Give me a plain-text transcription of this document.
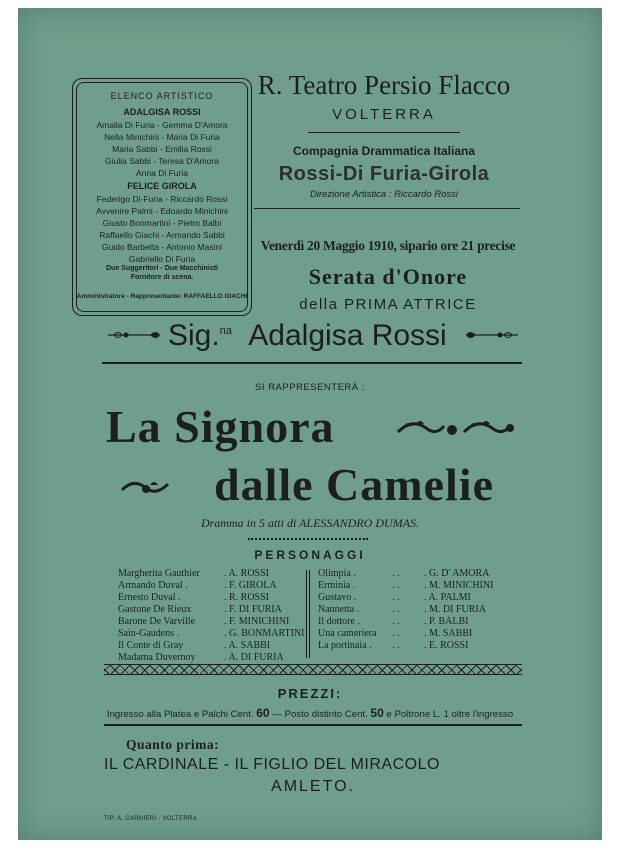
ELENCO ARTISTICO
ADALGISA ROSSI
Amalia Di Furia - Gemma D'Amora
Nella Minichini - Maria Di Furia
Maria Sabbi - Emilia Rossi
Giulia Sabbi - Teresa D'Amora
Anna Di Furia
FELICE GIROLA
Federigo Di-Furia - Riccardo Rossi
Avvenire Palmi - Edoardo Minichini
Giusto Bonmartini - Pietro Balbi
Raffaello Giachi - Armando Sabbi
Guido Barbetta - Antonio Masini
Gabriello Di Furia
Due Suggeritori - Due Macchinisti
Fornitore di scena.
Amministratore - Rappresentante: RAFFAELLO GIACHI
R. Teatro Persio Flacco
VOLTERRA
Compagnia Drammatica Italiana
Rossi-Di Furia-Girola
Direzione Artistica : Riccardo Rossi
Venerdì 20 Maggio 1910, sipario ore 21 precise
Serata d'Onore
della PRIMA ATTRICE
Sig.$^{na}$ Adalgisa Rossi
SI RAPPRESENTERÀ :
La Signora
dalle Camelie
Dramma in 5 atti di ALESSANDRO DUMAS.
PERSONAGGI
Margherita Gauthier . A. ROSSI
Armando Duval .	. F. GIROLA
Ernesto Duval .	. R. ROSSI
Gastone De Rieux	. F. DI FURIA
Barone De Varville	. F. MINICHINI
Sain-Gaudens .	. G. BONMARTINI
Il Conte di Gray	. A. SABBI
Madama Duvernoy	. A. DI FURIA
Olimpia .	. . . G. D' AMORA
Erminia .	. . . M. MINICHINI
Gustavo .	. . . A. PALMI
Nannetta .	. . . M. DI FURIA
Il dottore .	. . . P. BALBI
Una cameriera . . . M. SABBI
La portinaia . . . . E. ROSSI
PREZZI:
Ingresso alla Platea e Palchi Cent. 60 — Posto distinto Cent. 50 e Poltrone L. 1 oltre l'ingresso
Quanto prima:
IL CARDINALE - IL FIGLIO DEL MIRACOLO
AMLETO.
TIP. A. CARNIERI - VOLTERRA
